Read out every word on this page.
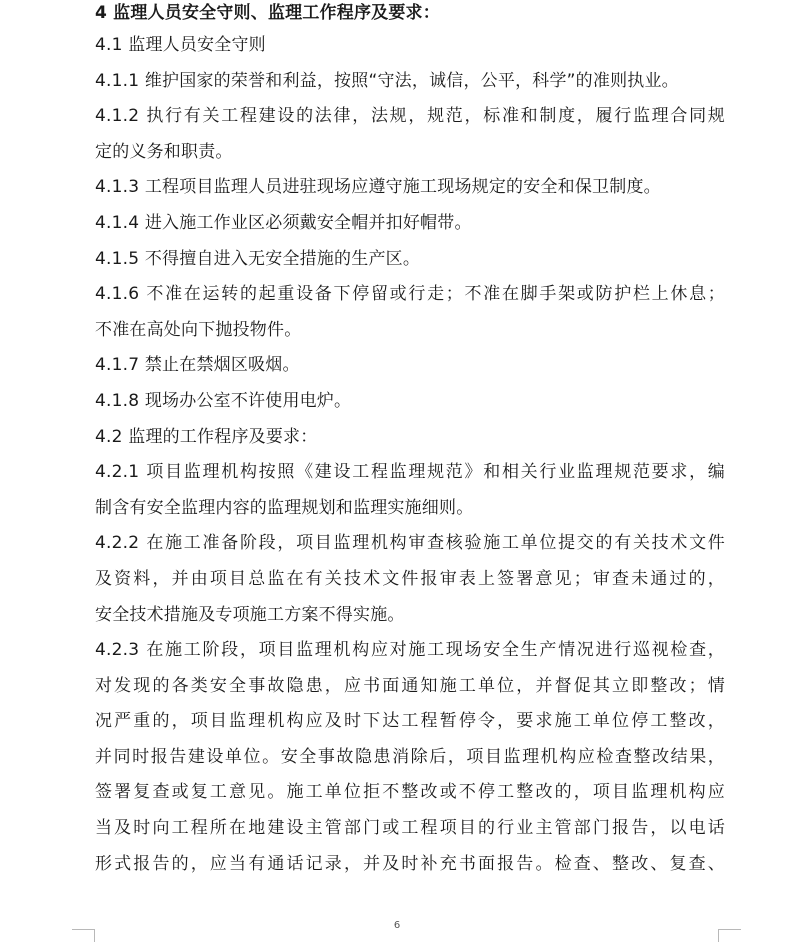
4 监理人员安全守则、监理工作程序及要求：
4.1 监理人员安全守则
4.1.1 维护国家的荣誉和利益，按照“守法，诚信，公平，科学”的准则执业。
4.1.2 执行有关工程建设的法律，法规，规范，标准和制度，履行监理合同规
定的义务和职责。
4.1.3 工程项目监理人员进驻现场应遵守施工现场规定的安全和保卫制度。
4.1.4 进入施工作业区必须戴安全帽并扣好帽带。
4.1.5 不得擅自进入无安全措施的生产区。
4.1.6 不准在运转的起重设备下停留或行走；不准在脚手架或防护栏上休息；
不准在高处向下抛投物件。
4.1.7 禁止在禁烟区吸烟。
4.1.8 现场办公室不许使用电炉。
4.2 监理的工作程序及要求：
4.2.1 项目监理机构按照《建设工程监理规范》和相关行业监理规范要求，编
制含有安全监理内容的监理规划和监理实施细则。
4.2.2 在施工准备阶段，项目监理机构审查核验施工单位提交的有关技术文件
及资料，并由项目总监在有关技术文件报审表上签署意见；审查未通过的，
安全技术措施及专项施工方案不得实施。
4.2.3 在施工阶段，项目监理机构应对施工现场安全生产情况进行巡视检查，
对发现的各类安全事故隐患，应书面通知施工单位，并督促其立即整改；情
况严重的，项目监理机构应及时下达工程暂停令，要求施工单位停工整改，
并同时报告建设单位。安全事故隐患消除后，项目监理机构应检查整改结果，
签署复查或复工意见。施工单位拒不整改或不停工整改的，项目监理机构应
当及时向工程所在地建设主管部门或工程项目的行业主管部门报告，以电话
形式报告的，应当有通话记录，并及时补充书面报告。检查、整改、复查、
6
